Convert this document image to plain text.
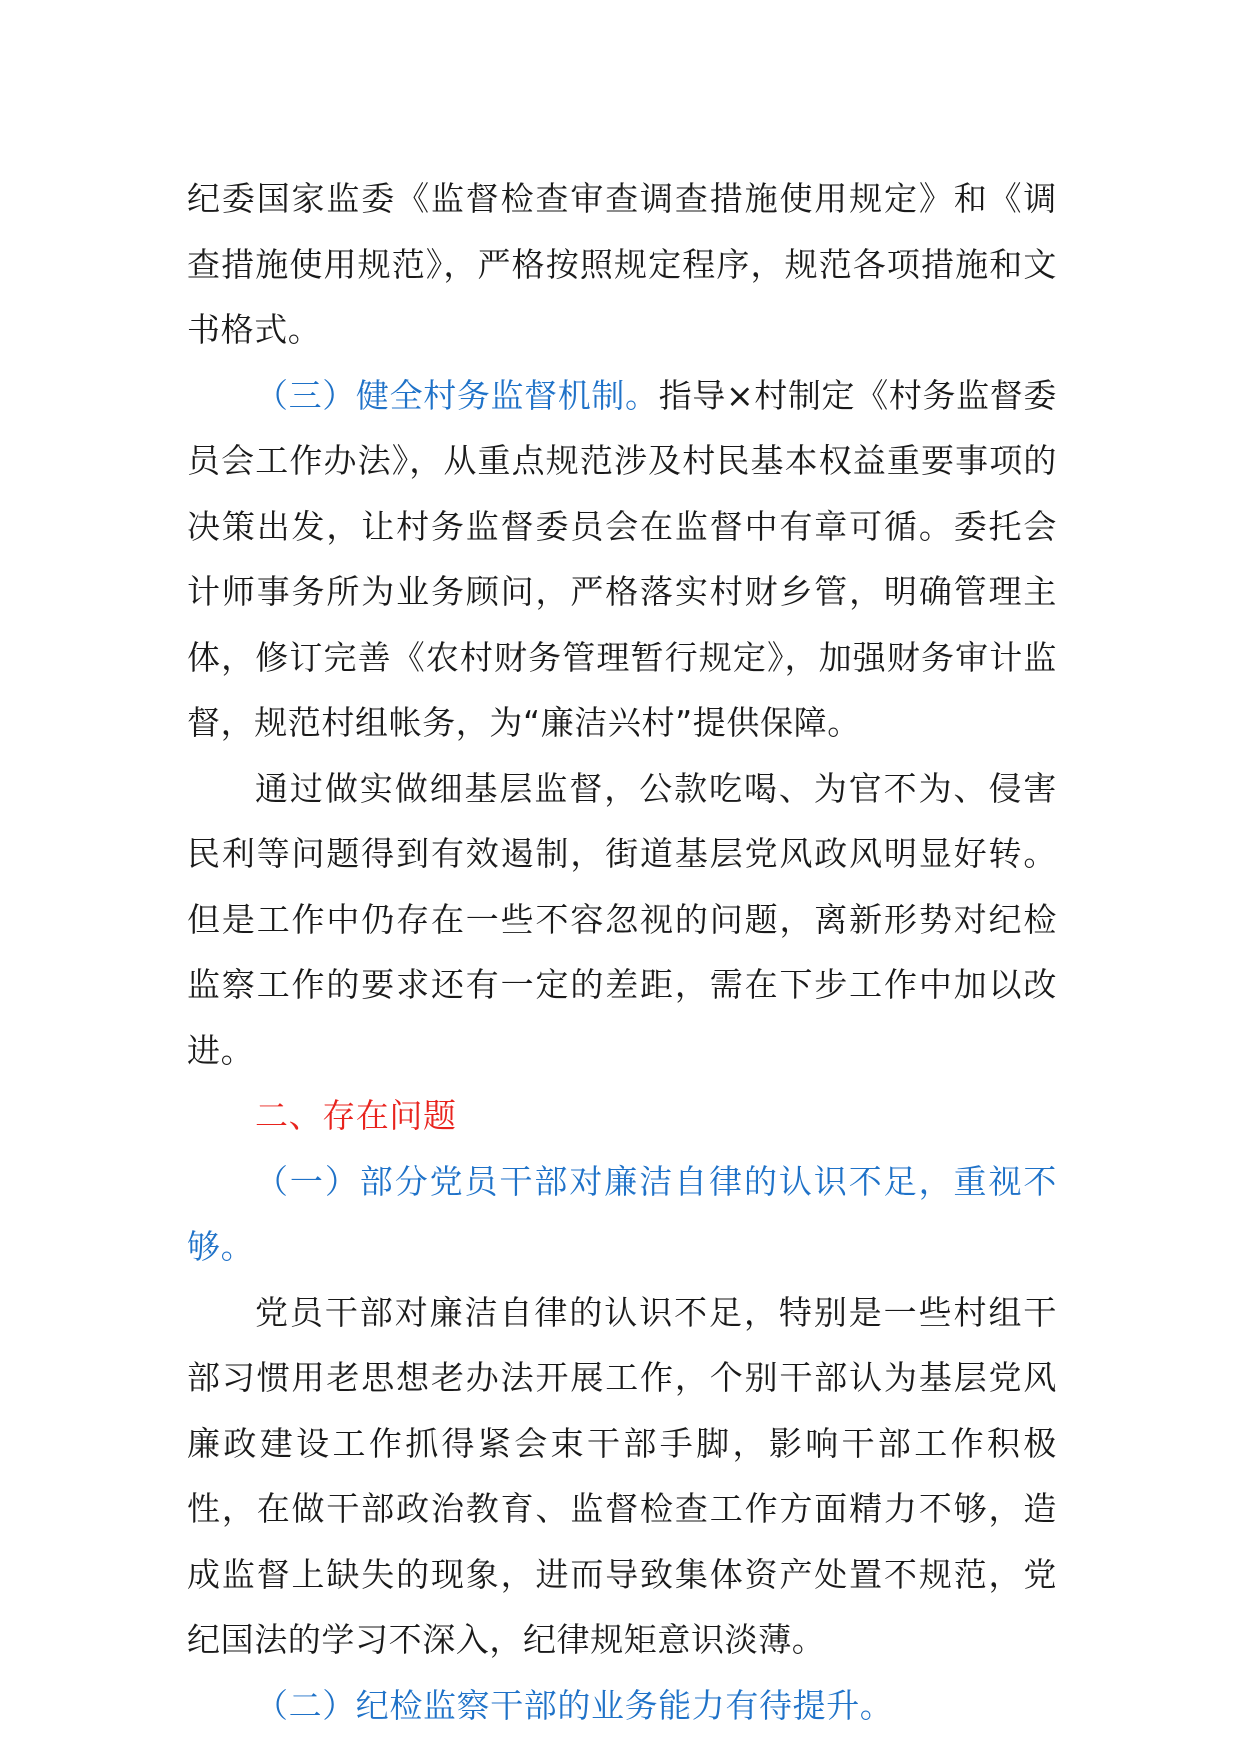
纪委国家监委《监督检查审查调查措施使用规定》和《调查措施使用规范》，严格按照规定程序，规范各项措施和文书格式。

（三）健全村务监督机制。指导×村制定《村务监督委员会工作办法》，从重点规范涉及村民基本权益重要事项的决策出发，让村务监督委员会在监督中有章可循。委托会计师事务所为业务顾问，严格落实村财乡管，明确管理主体，修订完善《农村财务管理暂行规定》，加强财务审计监督，规范村组帐务，为“廉洁兴村”提供保障。

通过做实做细基层监督，公款吃喝、为官不为、侵害民利等问题得到有效遏制，街道基层党风政风明显好转。但是工作中仍存在一些不容忽视的问题，离新形势对纪检监察工作的要求还有一定的差距，需在下步工作中加以改进。

二、存在问题

（一）部分党员干部对廉洁自律的认识不足，重视不够。

党员干部对廉洁自律的认识不足，特别是一些村组干部习惯用老思想老办法开展工作，个别干部认为基层党风廉政建设工作抓得紧会束干部手脚，影响干部工作积极性，在做干部政治教育、监督检查工作方面精力不够，造成监督上缺失的现象，进而导致集体资产处置不规范，党纪国法的学习不深入，纪律规矩意识淡薄。

（二）纪检监察干部的业务能力有待提升。
